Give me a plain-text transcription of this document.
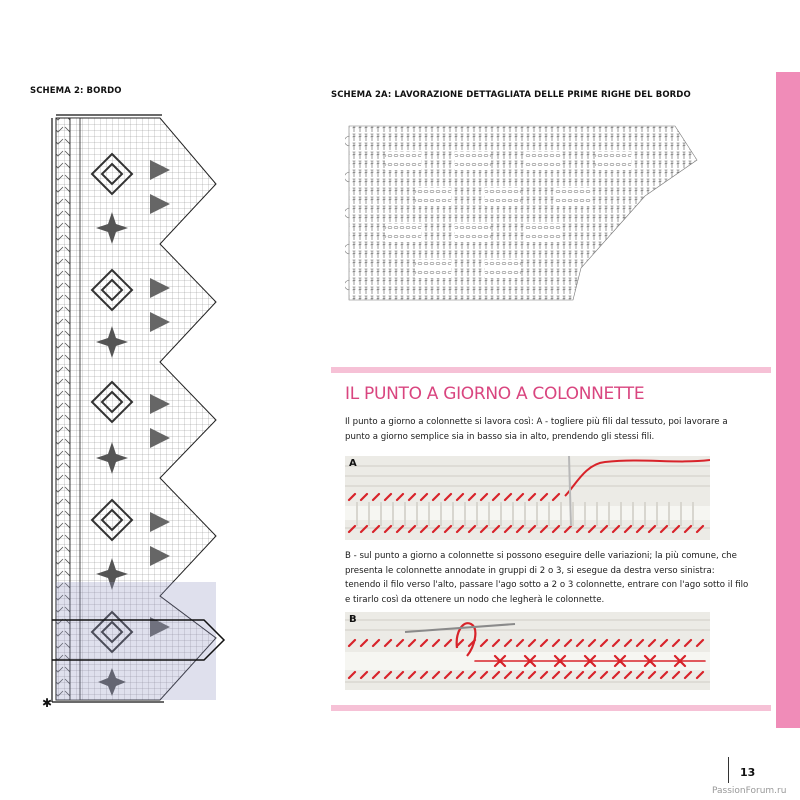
SCHEMA 2: BORDO	SCHEMA 2A: LAVORAZIONE DETTAGLIATA DELLE PRIME RIGHE DEL BORDO
✱
IL PUNTO A GIORNO A COLONNETTE
Il punto a giorno a colonnette si lavora così: A - togliere più fili dal tessuto, poi lavorare a punto a giorno semplice sia in basso sia in alto, prendendo gli stessi fili.
A
B - sul punto a giorno a colonnette si possono eseguire delle variazioni; la più comune, che presenta le colonnette annodate in gruppi di 2 o 3, si esegue da destra verso sinistra: tenendo il filo verso l'alto, passare l'ago sotto a 2 o 3 colonnette, entrare con l'ago sotto il filo e tirarlo così da ottenere un nodo che legherà le colonnette.
B
13
PassionForum.ru
